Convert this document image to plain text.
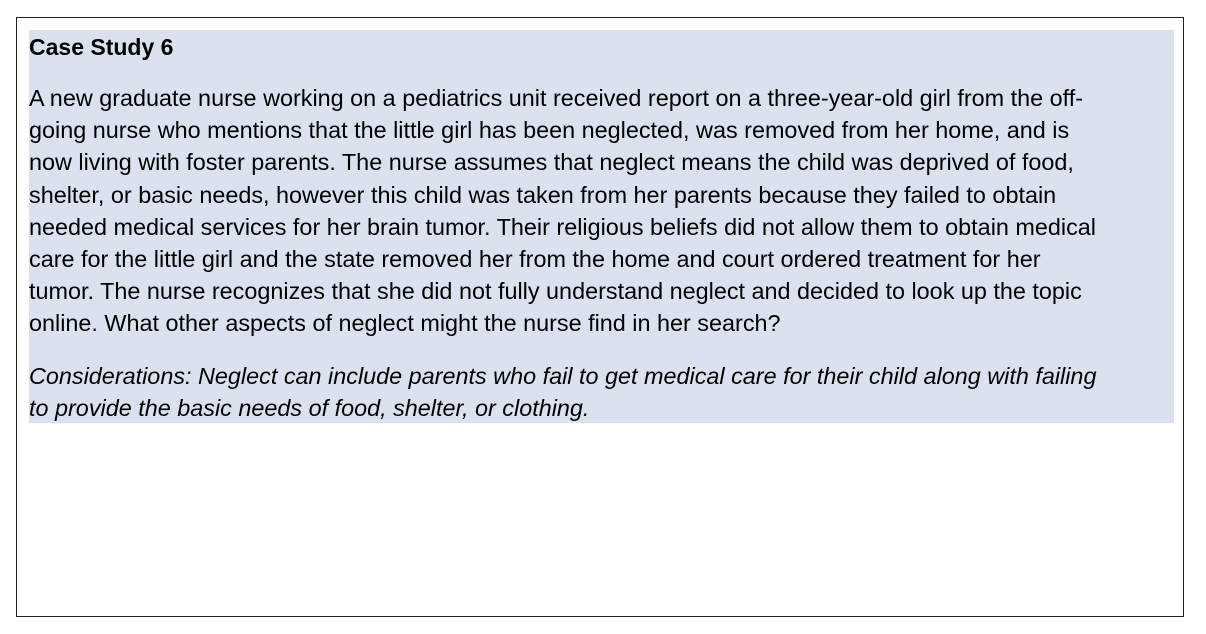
Case Study 6
A new graduate nurse working on a pediatrics unit received report on a three-year-old girl from the off-
going nurse who mentions that the little girl has been neglected, was removed from her home, and is
now living with foster parents. The nurse assumes that neglect means the child was deprived of food,
shelter, or basic needs, however this child was taken from her parents because they failed to obtain
needed medical services for her brain tumor. Their religious beliefs did not allow them to obtain medical
care for the little girl and the state removed her from the home and court ordered treatment for her
tumor. The nurse recognizes that she did not fully understand neglect and decided to look up the topic
online. What other aspects of neglect might the nurse find in her search?
Considerations: Neglect can include parents who fail to get medical care for their child along with failing
to provide the basic needs of food, shelter, or clothing.
